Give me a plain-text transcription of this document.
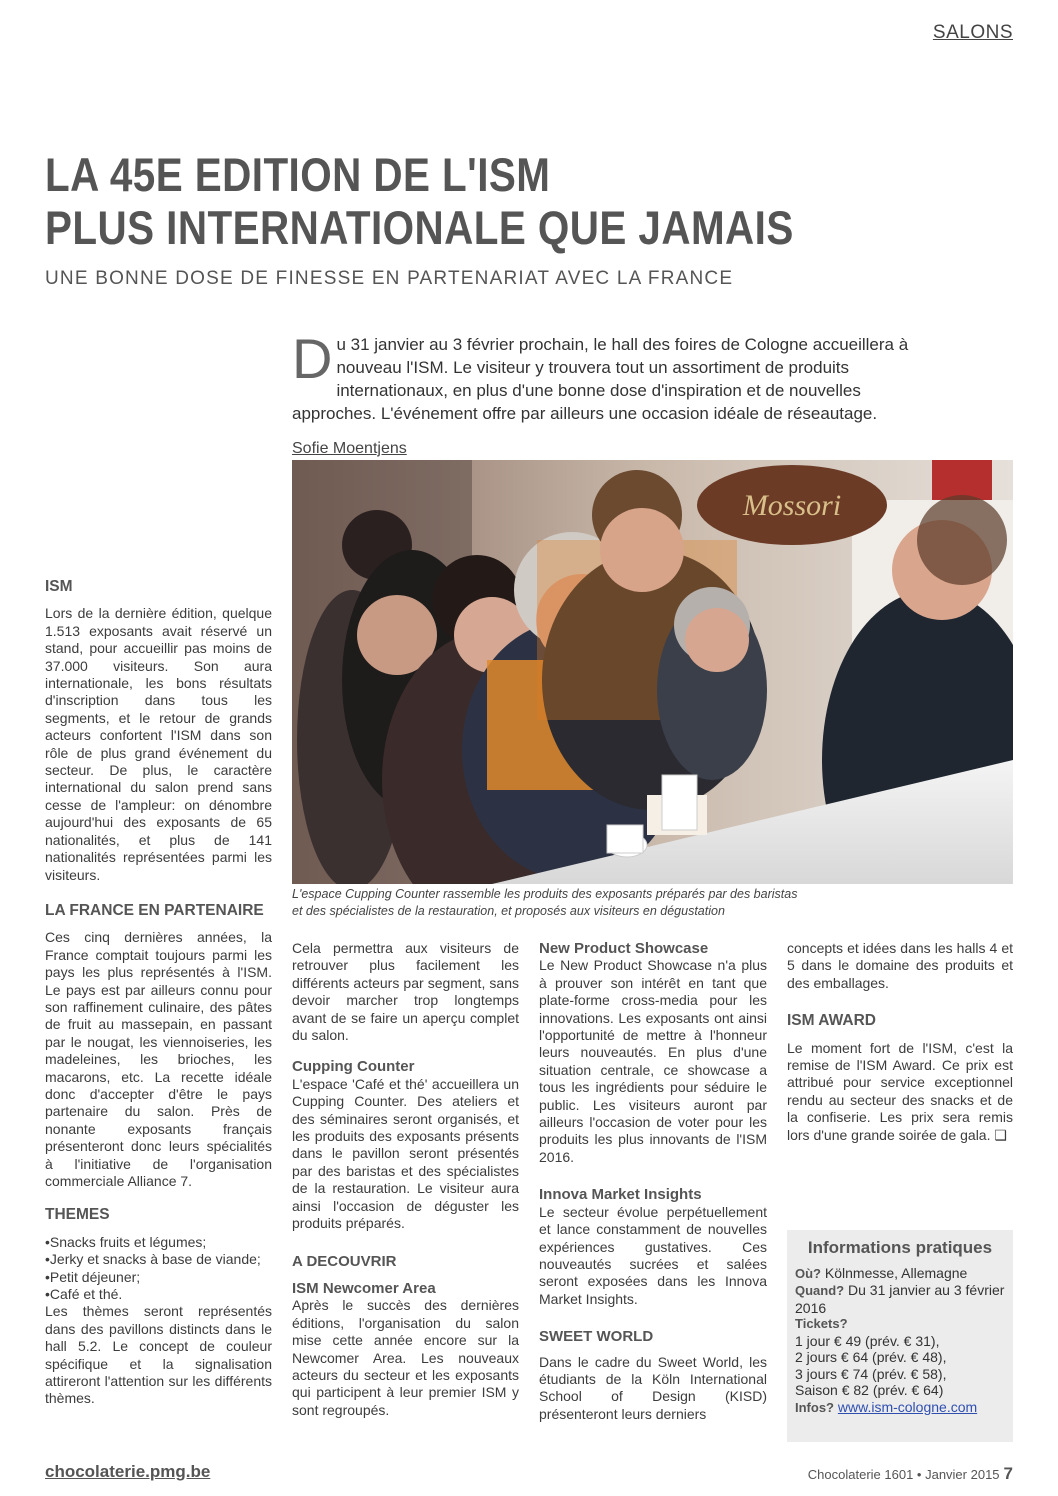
SALONS
LA 45E EDITION DE L'ISM
PLUS INTERNATIONALE QUE JAMAIS
UNE BONNE DOSE DE FINESSE EN PARTENARIAT AVEC LA FRANCE
Du 31 janvier au 3 février prochain, le hall des foires de Cologne accueillera à nouveau l'ISM. Le visiteur y trouvera tout un assortiment de produits internationaux, en plus d'une bonne dose d'inspiration et de nouvelles approches. L'événement offre par ailleurs une occasion idéale de réseautage.
Sofie Moentjens
Mossori
L'espace Cupping Counter rassemble les produits des exposants préparés par des baristas
et des spécialistes de la restauration, et proposés aux visiteurs en dégustation
ISM

Lors de la dernière édition, quelque 1.513 exposants avait réservé un stand, pour accueillir pas moins de 37.000 visiteurs. Son aura internationale, les bons résultats d'inscription dans tous les segments, et le retour de grands acteurs confortent l'ISM dans son rôle de plus grand événement du secteur. De plus, le caractère international du salon prend sans cesse de l'ampleur: on dénombre aujourd'hui des exposants de 65 nationalités, et plus de 141 nationalités représentées parmi les visiteurs.

LA FRANCE EN PARTENAIRE

Ces cinq dernières années, la France comptait toujours parmi les pays les plus représentés à l'ISM. Le pays est par ailleurs connu pour son raffinement culinaire, des pâtes de fruit au massepain, en passant par le nougat, les viennoiseries, les madeleines, les brioches, les macarons, etc. La recette idéale donc d'accepter d'être le pays partenaire du salon. Près de nonante exposants français présenteront donc leurs spécialités à l'initiative de l'organisation commerciale Alliance 7.

THEMES
•Snacks fruits et légumes;
•Jerky et snacks à base de viande;
•Petit déjeuner;
•Café et thé.

Les thèmes seront représentés dans des pavillons distincts dans le hall 5.2. Le concept de couleur spécifique et la signalisation attireront l'attention sur les différents thèmes.

Cela permettra aux visiteurs de retrouver plus facilement les différents acteurs par segment, sans devoir marcher trop longtemps avant de se faire un aperçu complet du salon.

Cupping Counter

L'espace 'Café et thé' accueillera un Cupping Counter. Des ateliers et des séminaires seront organisés, et les produits des exposants présents dans le pavillon seront présentés par des baristas et des spécialistes de la restauration. Le visiteur aura ainsi l'occasion de déguster les produits préparés.

A DECOUVRIR
ISM Newcomer Area

Après le succès des dernières éditions, l'organisation du salon mise cette année encore sur la Newcomer Area. Les nouveaux acteurs du secteur et les exposants qui participent à leur premier ISM y sont regroupés.

New Product Showcase

Le New Product Showcase n'a plus à prouver son intérêt en tant que plate-forme cross-media pour les innovations. Les exposants ont ainsi l'opportunité de mettre à l'honneur leurs nouveautés. En plus d'une situation centrale, ce showcase a tous les ingrédients pour séduire le public. Les visiteurs auront par ailleurs l'occasion de voter pour les produits les plus innovants de l'ISM 2016.

Innova Market Insights

Le secteur évolue perpétuellement et lance constamment de nouvelles expériences gustatives. Ces nouveautés sucrées et salées seront exposées dans les Innova Market Insights.

SWEET WORLD

Dans le cadre du Sweet World, les étudiants de la Köln International School of Design (KISD) présenteront leurs derniers

concepts et idées dans les halls 4 et 5 dans le domaine des produits et des emballages.

ISM AWARD

Le moment fort de l'ISM, c'est la remise de l'ISM Award. Ce prix est attribué pour service exceptionnel rendu au secteur des snacks et de la confiserie. Les prix sera remis lors d'une grande soirée de gala. ❑

Informations pratiques
Où? Kölnmesse, Allemagne
Quand? Du 31 janvier au 3 février 2016
Tickets?
1 jour € 49 (prév. € 31),
2 jours € 64 (prév. € 48),
3 jours € 74 (prév. € 58),
Saison € 82 (prév. € 64)
Infos? www.ism-cologne.com
chocolaterie.pmg.be	Chocolaterie 1601 • Janvier 2015 7
